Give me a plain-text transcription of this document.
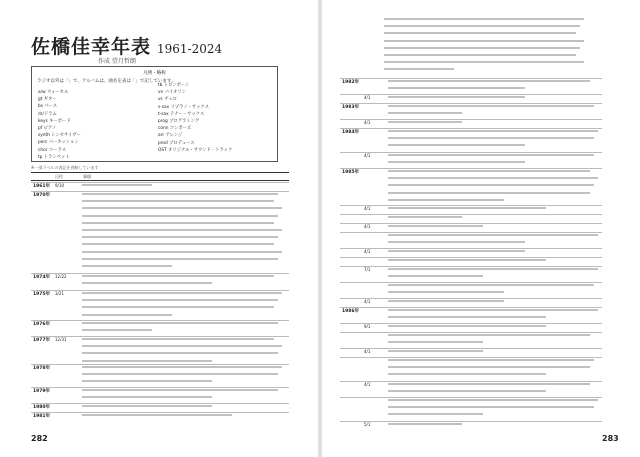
佐橋佳幸年表 1961-2024
作成 望月哲朗
凡例・略称
ラジオ以外は「」で、アルバムは、曲名を表は「」で記しています。
a/w ウォーカル
gt ギター
bs ベース
dr/ドラム
keys キーボード
pf ピアノ
synth シンセサイザー
perc パーカッション
chor コーラス
tp トランペット
tb トロンボーン
vn バイオリン
vc チェロ
s-sax ソプラノ・サックス
t-sax テナー・サックス
prog プログラミング
conn コンポーズ
arr アレンジ
prod プロデュース
OST オリジナル・サウンド・トラック
※一部ラベルの表記を省略しています
日付	事項
1961年 9/10
1970年
1974年 12/22
1975年 3/21
1976年
1977年 12/31
1978年
1979年
1980年
1981年
282
1982年
4/1
1983年
4/1
1984年
4/1
1985年
4/1
4/1
4/1
7/1
4/1
1986年
9/1
4/1
4/1
5/1
283
